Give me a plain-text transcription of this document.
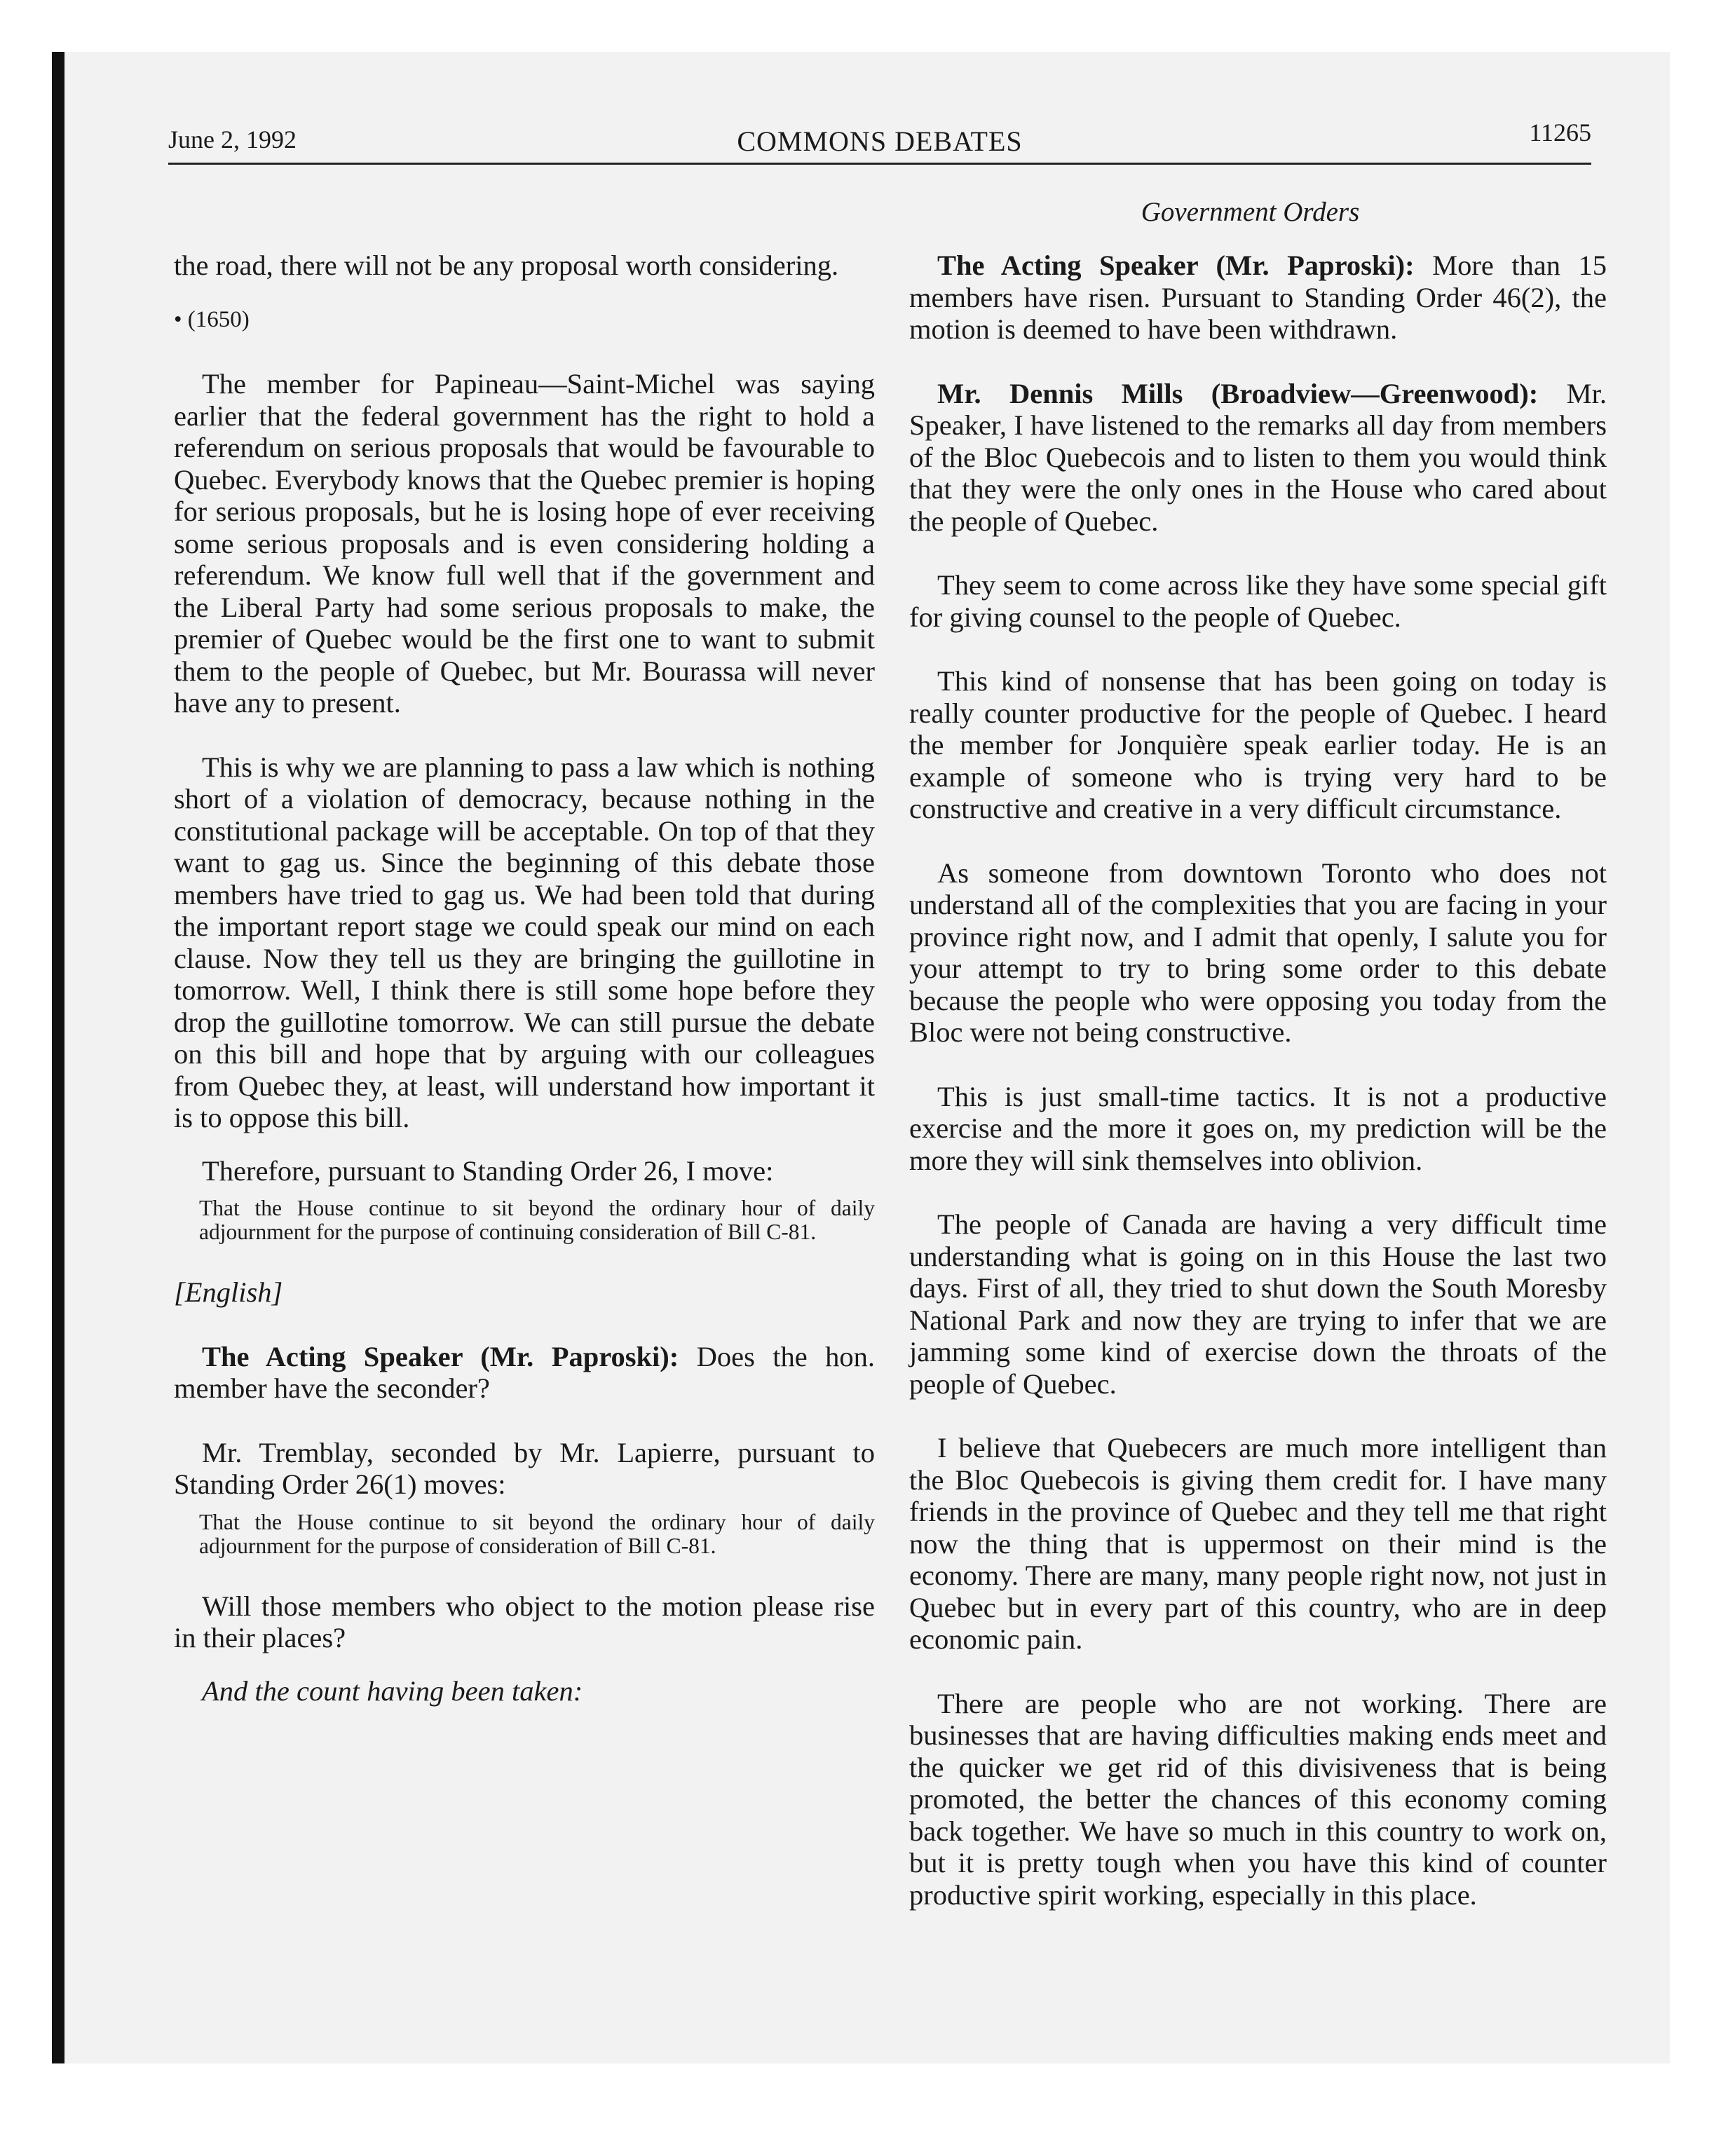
June 2, 1992	COMMONS DEBATES	11265
Government Orders

the road, there will not be any proposal worth considering.

• (1650)

The member for Papineau—Saint-Michel was saying earlier that the federal government has the right to hold a referendum on serious proposals that would be favourable to Quebec. Everybody knows that the Quebec premier is hoping for serious proposals, but he is losing hope of ever receiving some serious proposals and is even considering holding a referendum. We know full well that if the government and the Liberal Party had some serious proposals to make, the premier of Quebec would be the first one to want to submit them to the people of Quebec, but Mr. Bourassa will never have any to present.

This is why we are planning to pass a law which is nothing short of a violation of democracy, because nothing in the constitutional package will be acceptable. On top of that they want to gag us. Since the beginning of this debate those members have tried to gag us. We had been told that during the important report stage we could speak our mind on each clause. Now they tell us they are bringing the guillotine in tomorrow. Well, I think there is still some hope before they drop the guillotine tomorrow. We can still pursue the debate on this bill and hope that by arguing with our colleagues from Quebec they, at least, will understand how important it is to oppose this bill.

Therefore, pursuant to Standing Order 26, I move:

That the House continue to sit beyond the ordinary hour of daily adjournment for the purpose of continuing consideration of Bill C-81.

[English]

The Acting Speaker (Mr. Paproski): Does the hon. member have the seconder?

Mr. Tremblay, seconded by Mr. Lapierre, pursuant to Standing Order 26(1) moves:

That the House continue to sit beyond the ordinary hour of daily adjournment for the purpose of consideration of Bill C-81.

Will those members who object to the motion please rise in their places?

And the count having been taken:

The Acting Speaker (Mr. Paproski): More than 15 members have risen. Pursuant to Standing Order 46(2), the motion is deemed to have been withdrawn.

Mr. Dennis Mills (Broadview—Greenwood): Mr. Speaker, I have listened to the remarks all day from members of the Bloc Quebecois and to listen to them you would think that they were the only ones in the House who cared about the people of Quebec.

They seem to come across like they have some special gift for giving counsel to the people of Quebec.

This kind of nonsense that has been going on today is really counter productive for the people of Quebec. I heard the member for Jonquière speak earlier today. He is an example of someone who is trying very hard to be constructive and creative in a very difficult circumstance.

As someone from downtown Toronto who does not understand all of the complexities that you are facing in your province right now, and I admit that openly, I salute you for your attempt to try to bring some order to this debate because the people who were opposing you today from the Bloc were not being constructive.

This is just small-time tactics. It is not a productive exercise and the more it goes on, my prediction will be the more they will sink themselves into oblivion.

The people of Canada are having a very difficult time understanding what is going on in this House the last two days. First of all, they tried to shut down the South Moresby National Park and now they are trying to infer that we are jamming some kind of exercise down the throats of the people of Quebec.

I believe that Quebecers are much more intelligent than the Bloc Quebecois is giving them credit for. I have many friends in the province of Quebec and they tell me that right now the thing that is uppermost on their mind is the economy. There are many, many people right now, not just in Quebec but in every part of this country, who are in deep economic pain.

There are people who are not working. There are businesses that are having difficulties making ends meet and the quicker we get rid of this divisiveness that is being promoted, the better the chances of this economy coming back together. We have so much in this country to work on, but it is pretty tough when you have this kind of counter productive spirit working, especially in this place.
